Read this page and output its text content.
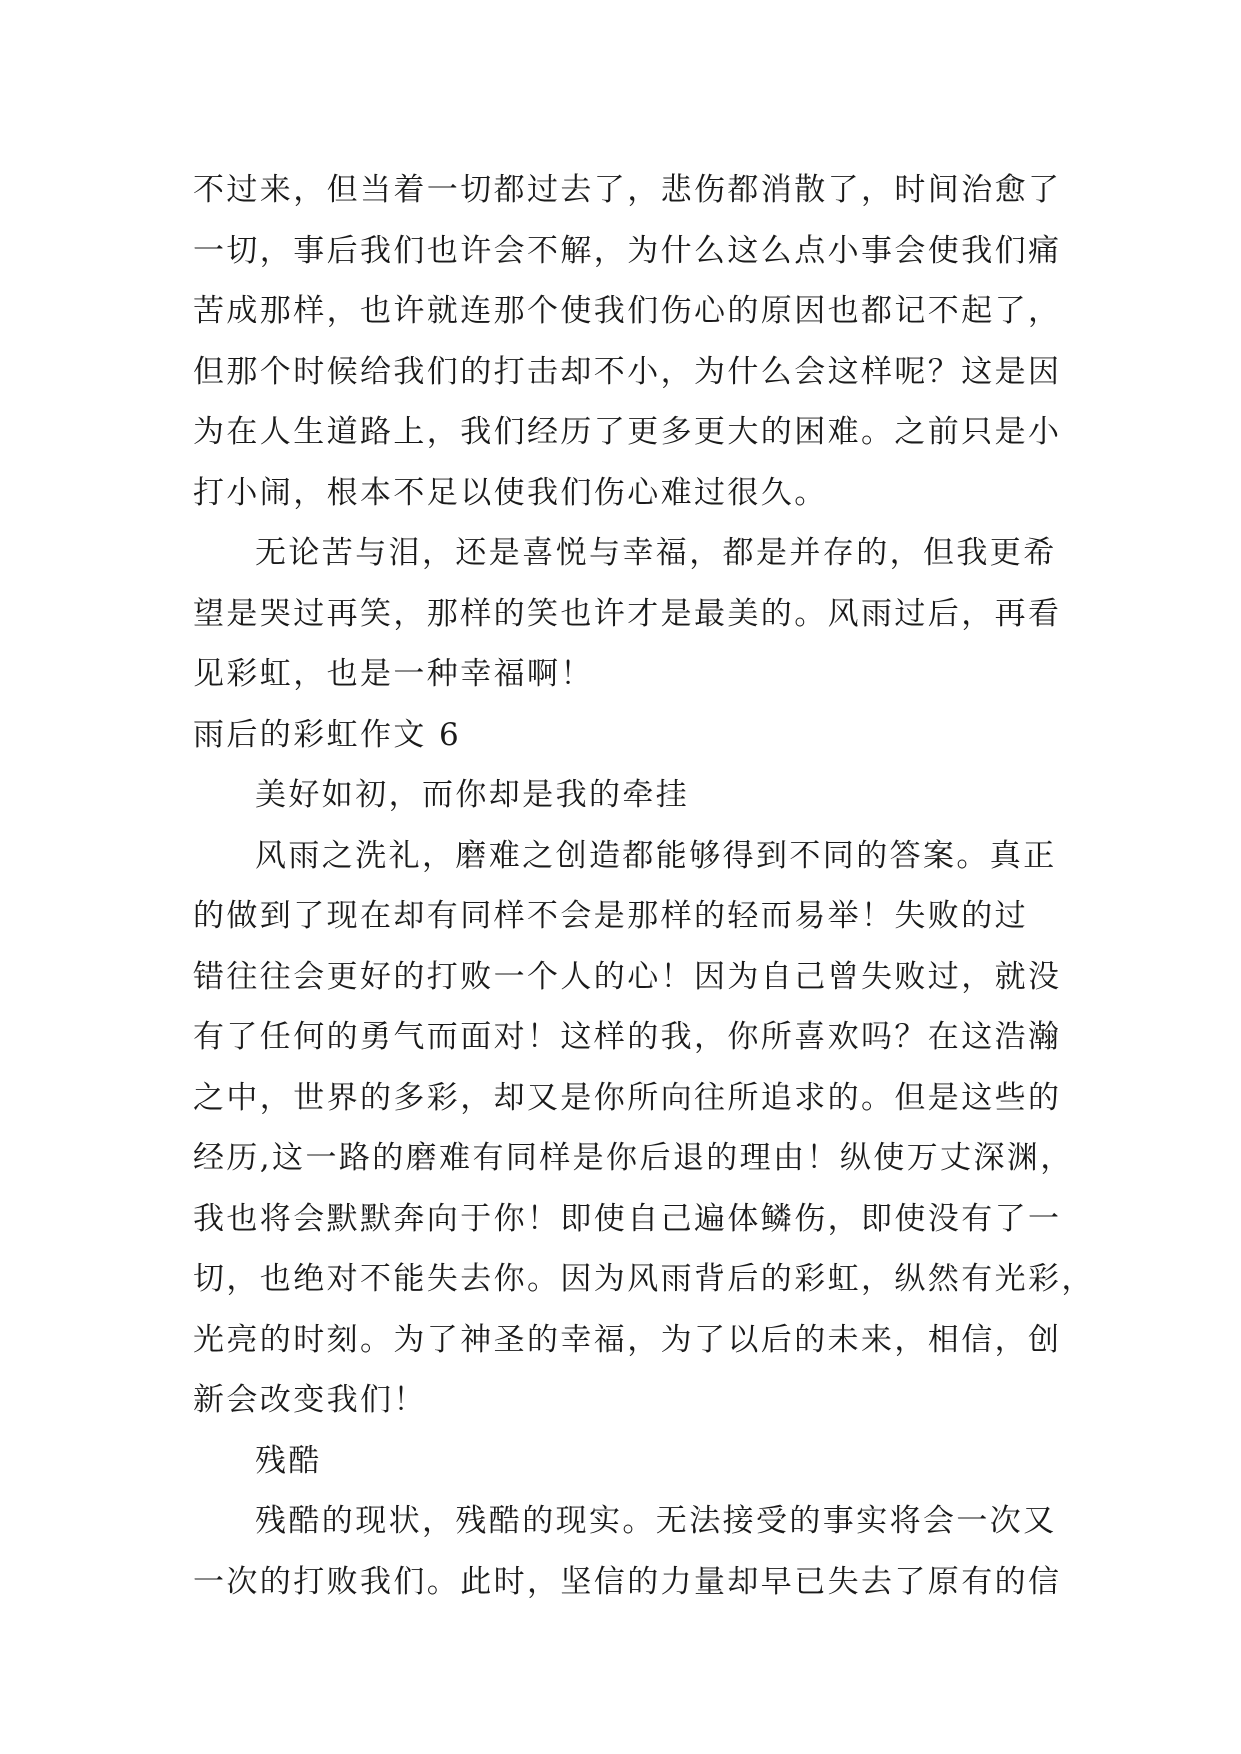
不过来，但当着一切都过去了，悲伤都消散了，时间治愈了
一切，事后我们也许会不解，为什么这么点小事会使我们痛
苦成那样，也许就连那个使我们伤心的原因也都记不起了，
但那个时候给我们的打击却不小，为什么会这样呢？这是因
为在人生道路上，我们经历了更多更大的困难。之前只是小
打小闹，根本不足以使我们伤心难过很久。
无论苦与泪，还是喜悦与幸福，都是并存的，但我更希
望是哭过再笑，那样的笑也许才是最美的。风雨过后，再看
见彩虹，也是一种幸福啊！
雨后的彩虹作文 6
美好如初，而你却是我的牵挂
风雨之洗礼，磨难之创造都能够得到不同的答案。真正
的做到了现在却有同样不会是那样的轻而易举！失败的过
错往往会更好的打败一个人的心！因为自己曾失败过，就没
有了任何的勇气而面对！这样的我，你所喜欢吗？在这浩瀚
之中，世界的多彩，却又是你所向往所追求的。但是这些的
经历,这一路的磨难有同样是你后退的理由！纵使万丈深渊，
我也将会默默奔向于你！即使自己遍体鳞伤，即使没有了一
切，也绝对不能失去你。因为风雨背后的彩虹，纵然有光彩，
光亮的时刻。为了神圣的幸福，为了以后的未来，相信，创
新会改变我们！
残酷
残酷的现状，残酷的现实。无法接受的事实将会一次又
一次的打败我们。此时，坚信的力量却早已失去了原有的信
